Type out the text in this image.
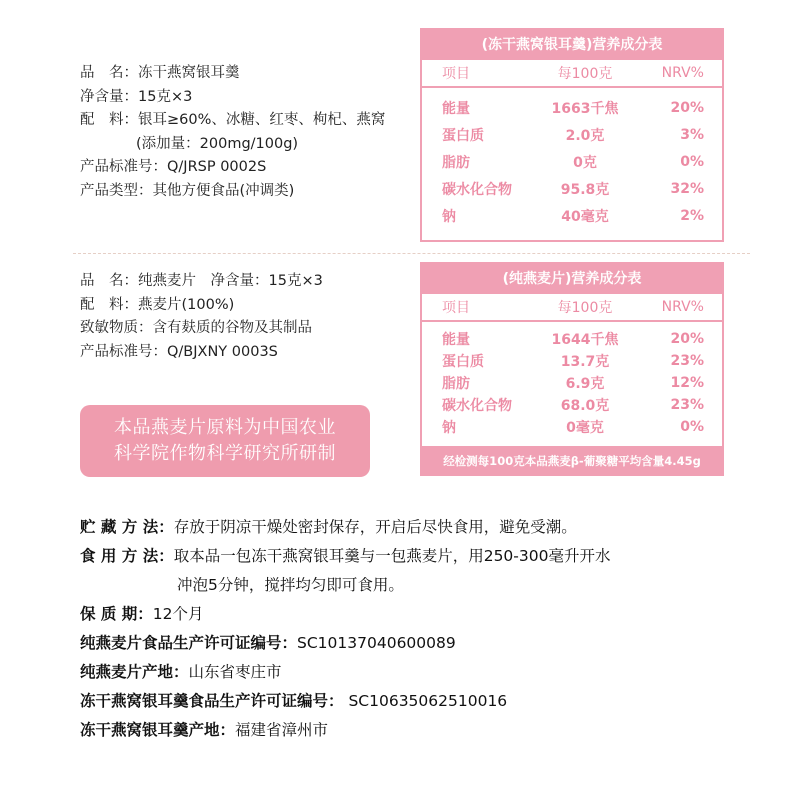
品　名：冻干燕窝银耳羹
净含量：15克×3
配　料：银耳≥60%、冰糖、红枣、枸杞、燕窝
(添加量：200mg/100g)
产品标准号：Q/JRSP 0002S
产品类型：其他方便食品(冲调类)
(冻干燕窝银耳羹)营养成分表
项目	每100克	NRV%
能量	1663千焦	20%
蛋白质	2.0克	3%
脂肪	0克	0%
碳水化合物	95.8克	32%
钠	40毫克	2%
品　名：纯燕麦片　净含量：15克×3
配　料：燕麦片(100%)
致敏物质：含有麸质的谷物及其制品
产品标准号：Q/BJXNY 0003S
(纯燕麦片)营养成分表
项目	每100克	NRV%
能量	1644千焦	20%
蛋白质	13.7克	23%
脂肪	6.9克	12%
碳水化合物	68.0克	23%
钠	0毫克	0%
经检测每100克本品燕麦β-葡聚糖平均含量4.45g
本品燕麦片原料为中国农业
科学院作物科学研究所研制
贮 藏 方 法：存放于阴凉干燥处密封保存，开启后尽快食用，避免受潮。
食 用 方 法：取本品一包冻干燕窝银耳羹与一包燕麦片，用250-300毫升开水
冲泡5分钟，搅拌均匀即可食用。
保 质 期：12个月
纯燕麦片食品生产许可证编号：SC10137040600089
纯燕麦片产地：山东省枣庄市
冻干燕窝银耳羹食品生产许可证编号： SC10635062510016
冻干燕窝银耳羹产地：福建省漳州市
